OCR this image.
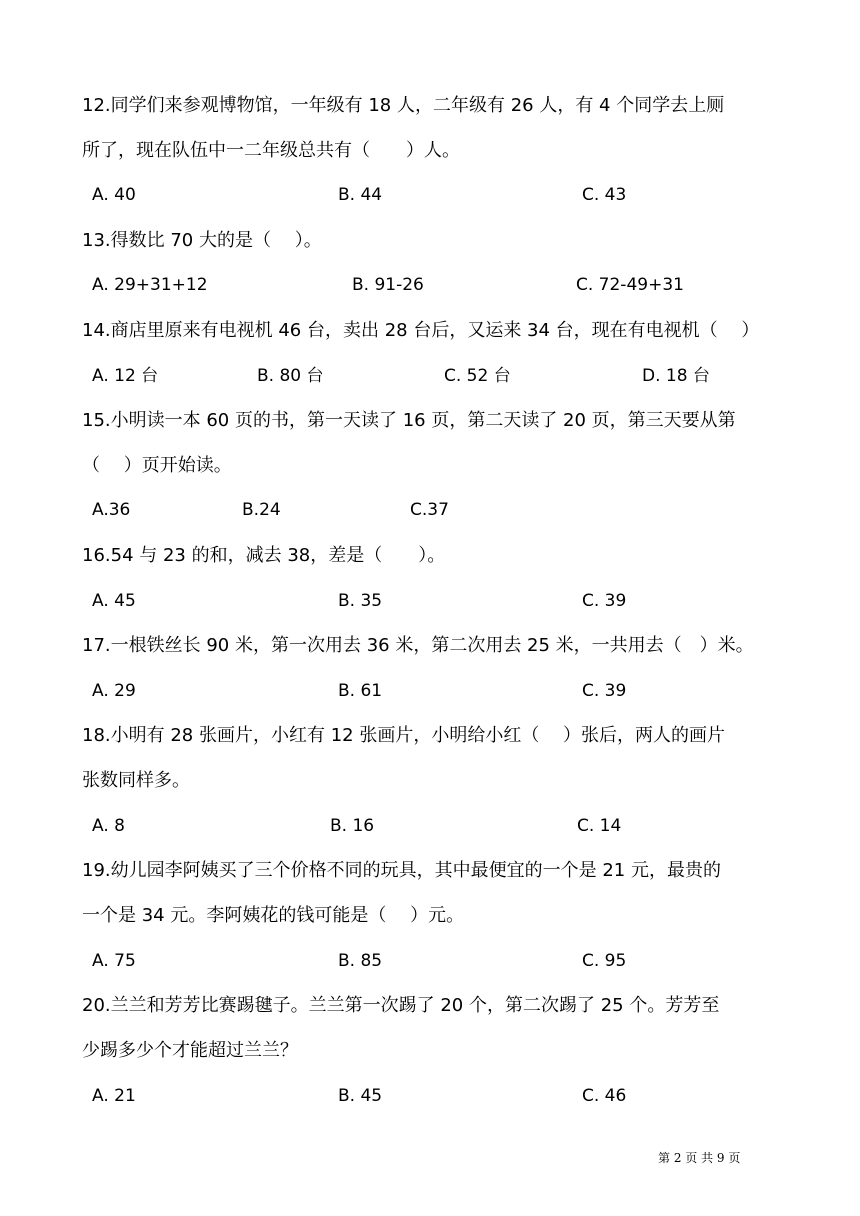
12.同学们来参观博物馆，一年级有 18 人，二年级有 26 人，有 4 个同学去上厕
所了，现在队伍中一二年级总共有（　　）人。
A. 40	B. 44	C. 43
13.得数比 70 大的是（　 ）。
A. 29+31+12	B. 91-26	C. 72-49+31
14.商店里原来有电视机 46 台，卖出 28 台后，又运来 34 台，现在有电视机（　 ）
A. 12 台	B. 80 台	C. 52 台	D. 18 台
15.小明读一本 60 页的书，第一天读了 16 页，第二天读了 20 页，第三天要从第
（　 ）页开始读。
A.36	B.24	C.37
16.54 与 23 的和，减去 38，差是（　　）。
A. 45	B. 35	C. 39
17.一根铁丝长 90 米，第一次用去 36 米，第二次用去 25 米，一共用去（　）米。
A. 29	B. 61	C. 39
18.小明有 28 张画片，小红有 12 张画片，小明给小红（　 ）张后，两人的画片
张数同样多。
A. 8	B. 16	C. 14
19.幼儿园李阿姨买了三个价格不同的玩具，其中最便宜的一个是 21 元，最贵的
一个是 34 元。李阿姨花的钱可能是（　 ）元。
A. 75	B. 85	C. 95
20.兰兰和芳芳比赛踢毽子。兰兰第一次踢了 20 个，第二次踢了 25 个。芳芳至
少踢多少个才能超过兰兰？
A. 21	B. 45	C. 46
第 2 页 共 9 页
